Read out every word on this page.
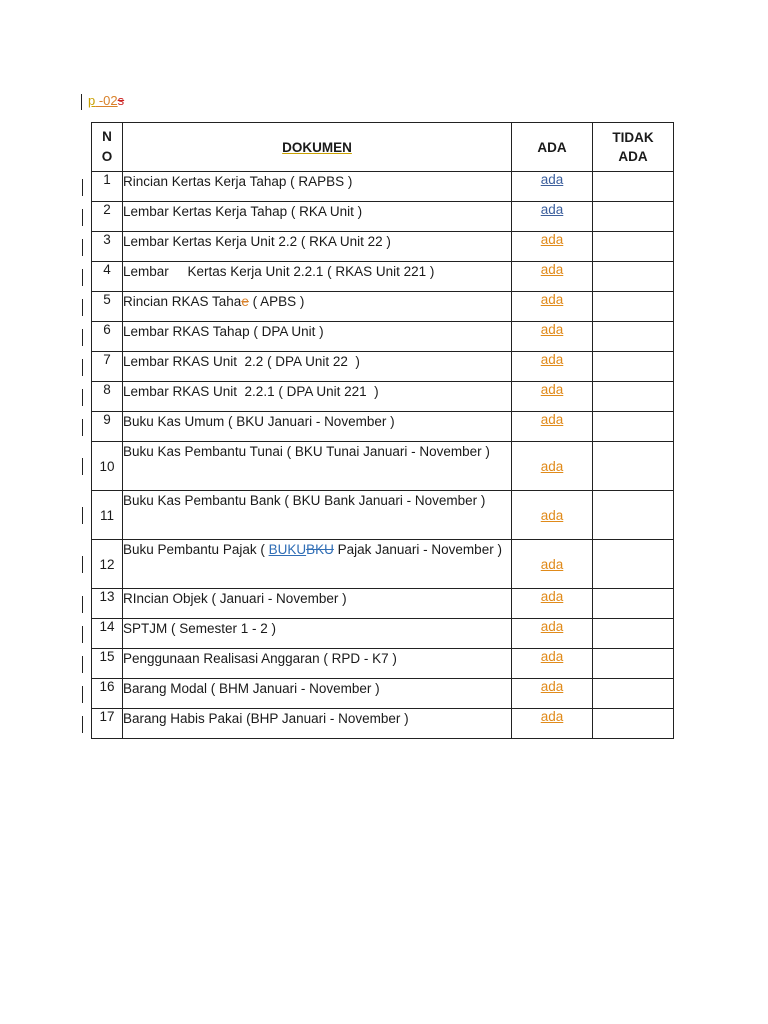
p -02s
N
O	DOKUMEN	ADA	TIDAK
ADA

1	Rincian Kertas Kerja Tahap ( RAPBS )	ada	

2	Lembar Kertas Kerja Tahap ( RKA Unit )	ada	

3	Lembar Kertas Kerja Unit 2.2 ( RKA Unit 22 )	ada	

4	Lembar     Kertas Kerja Unit 2.2.1 ( RKAS Unit 221 )	ada	

5	Rincian RKAS Tahae ( APBS )	ada	

6	Lembar RKAS Tahap ( DPA Unit )	ada	

7	Lembar RKAS Unit  2.2 ( DPA Unit 22  )	ada	

8	Lembar RKAS Unit  2.2.1 ( DPA Unit 221  )	ada	

9	Buku Kas Umum ( BKU Januari - November )	ada	

10	Buku Kas Pembantu Tunai ( BKU Tunai Januari - November )	ada	

11	Buku Kas Pembantu Bank ( BKU Bank Januari - November )	ada	

12	Buku Pembantu Pajak ( BUKUBKU Pajak Januari - November )	ada	

13	RIncian Objek ( Januari - November )	ada	

14	SPTJM ( Semester 1 - 2 )	ada	

15	Penggunaan Realisasi Anggaran ( RPD - K7 )	ada	

16	Barang Modal ( BHM Januari - November )	ada	

17	Barang Habis Pakai (BHP Januari - November )	ada	
